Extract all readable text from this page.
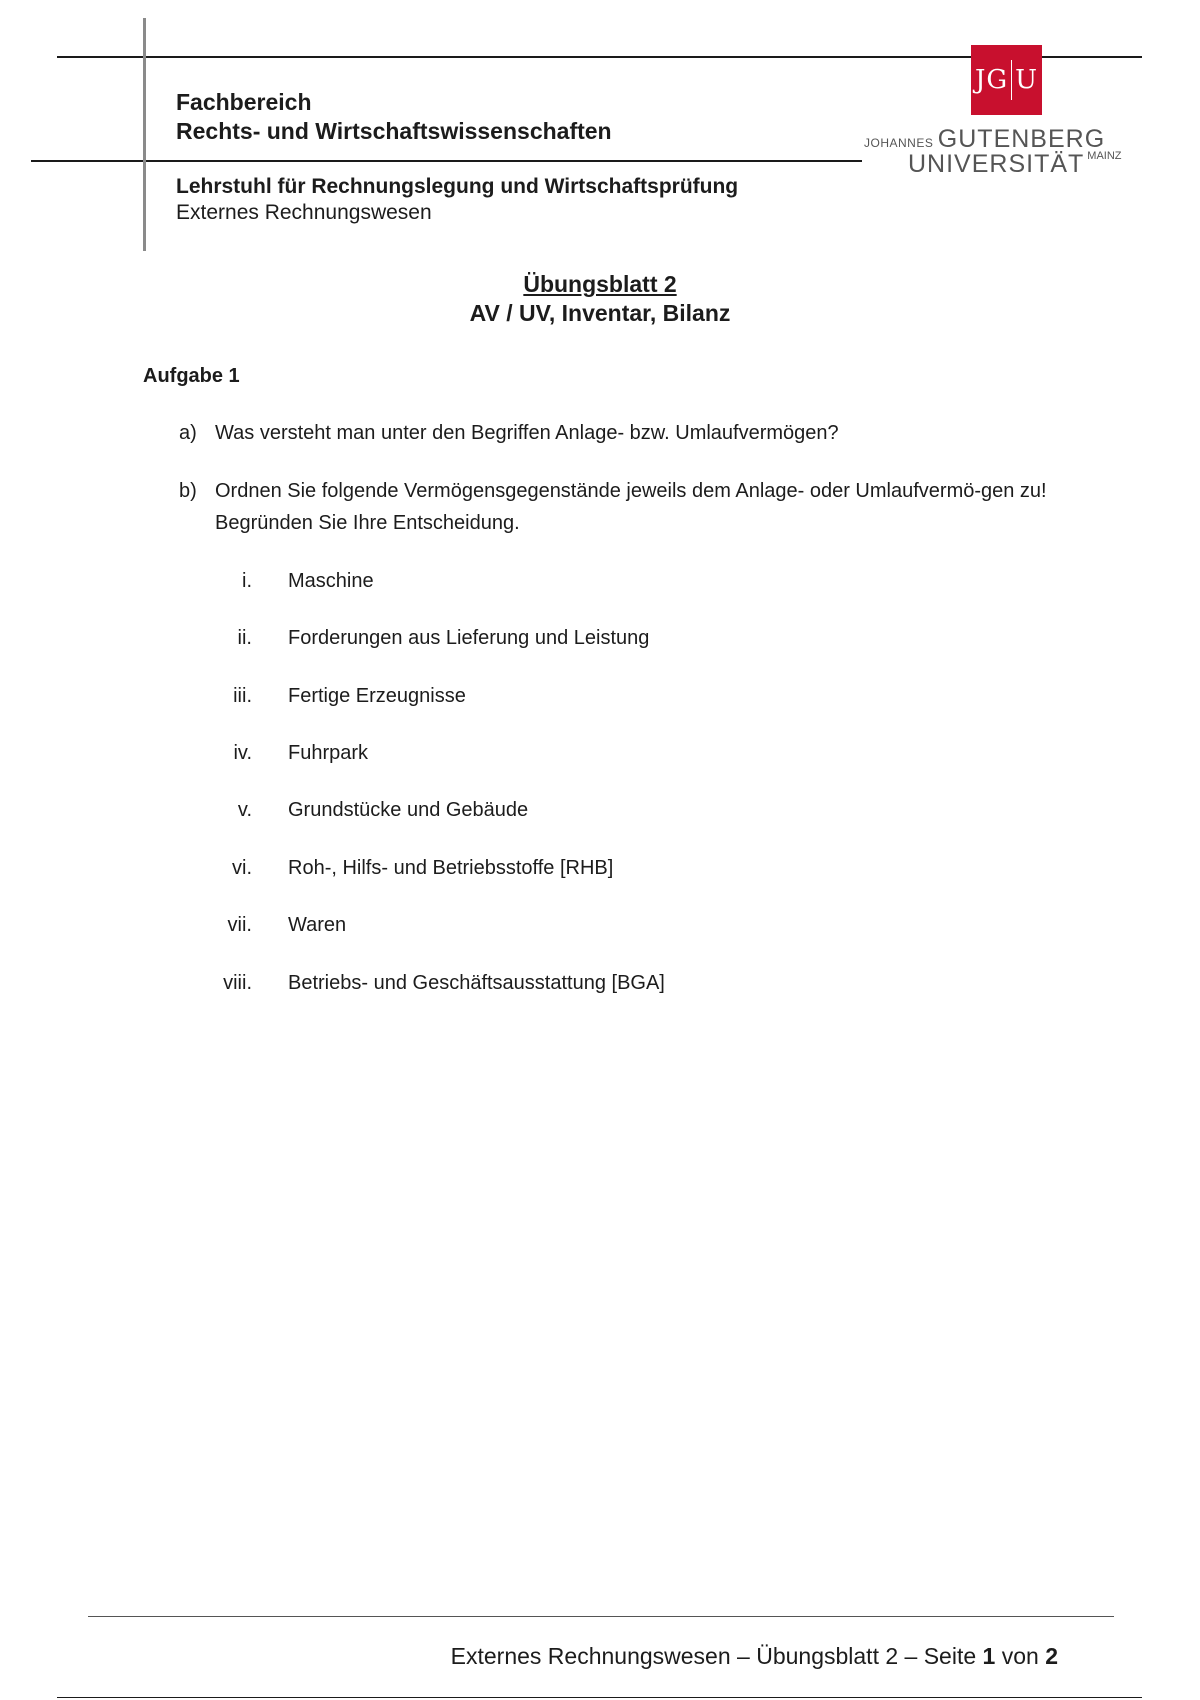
Fachbereich
Rechts- und Wirtschaftswissenschaften
Lehrstuhl für Rechnungslegung und Wirtschaftsprüfung
Externes Rechnungswesen
JG U
JOHANNES GUTENBERG
UNIVERSITÄT $^{MAINZ}$
Übungsblatt 2
AV / UV, Inventar, Bilanz
Aufgabe 1
a) Was versteht man unter den Begriffen Anlage- bzw. Umlaufvermögen?
b) Ordnen Sie folgende Vermögensgegenstände jeweils dem Anlage- oder Umlaufvermö-gen zu! Begründen Sie Ihre Entscheidung.
i. Maschine
ii. Forderungen aus Lieferung und Leistung
iii. Fertige Erzeugnisse
iv. Fuhrpark
v. Grundstücke und Gebäude
vi. Roh-, Hilfs- und Betriebsstoffe [RHB]
vii. Waren
viii. Betriebs- und Geschäftsausstattung [BGA]
Externes Rechnungswesen – Übungsblatt 2 – Seite 1 von 2
